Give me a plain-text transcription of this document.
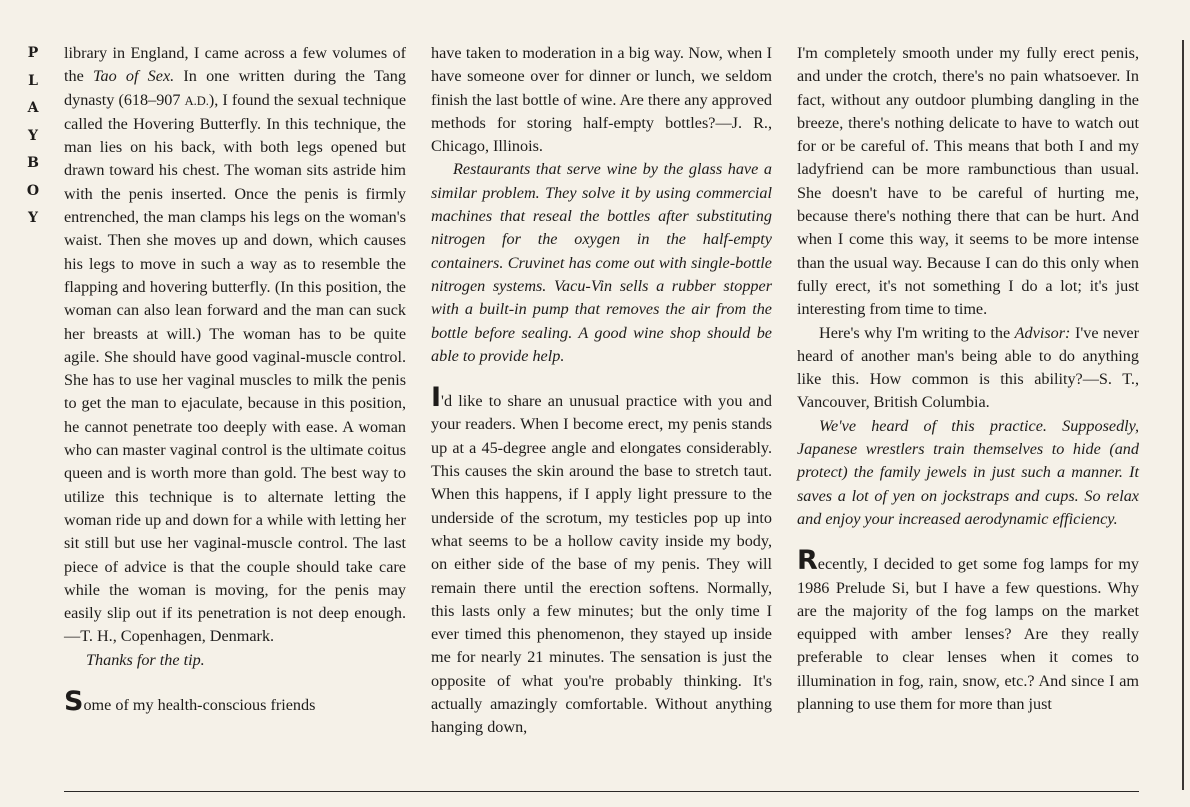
P
L
A
Y
B
O
Y

library in England, I came across a few volumes of the Tao of Sex. In one written during the Tang dynasty (618–907 A.D.), I found the sexual technique called the Hovering Butterfly. In this technique, the man lies on his back, with both legs opened but drawn toward his chest. The woman sits astride him with the penis inserted. Once the penis is firmly entrenched, the man clamps his legs on the woman's waist. Then she moves up and down, which causes his legs to move in such a way as to resemble the flapping and hovering butterfly. (In this position, the woman can also lean forward and the man can suck her breasts at will.) The woman has to be quite agile. She should have good vaginal-muscle control. She has to use her vaginal muscles to milk the penis to get the man to ejaculate, because in this position, he cannot penetrate too deeply with ease. A woman who can master vaginal control is the ultimate coitus queen and is worth more than gold. The best way to utilize this technique is to alternate letting the woman ride up and down for a while with letting her sit still but use her vaginal-muscle control. The last piece of advice is that the couple should take care while the woman is moving, for the penis may easily slip out if its penetration is not deep enough.—T. H., Copenhagen, Denmark.

Thanks for the tip.

Some of my health-conscious friends

have taken to moderation in a big way. Now, when I have someone over for dinner or lunch, we seldom finish the last bottle of wine. Are there any approved methods for storing half-empty bottles?—J. R., Chicago, Illinois.

Restaurants that serve wine by the glass have a similar problem. They solve it by using commercial machines that reseal the bottles after substituting nitrogen for the oxygen in the half-empty containers. Cruvinet has come out with single-bottle nitrogen systems. Vacu-Vin sells a rubber stopper with a built-in pump that removes the air from the bottle before sealing. A good wine shop should be able to provide help.

I'd like to share an unusual practice with you and your readers. When I become erect, my penis stands up at a 45-degree angle and elongates considerably. This causes the skin around the base to stretch taut. When this happens, if I apply light pressure to the underside of the scrotum, my testicles pop up into what seems to be a hollow cavity inside my body, on either side of the base of my penis. They will remain there until the erection softens. Normally, this lasts only a few minutes; but the only time I ever timed this phenomenon, they stayed up inside me for nearly 21 minutes. The sensation is just the opposite of what you're probably thinking. It's actually amazingly comfortable. Without anything hanging down,

I'm completely smooth under my fully erect penis, and under the crotch, there's no pain whatsoever. In fact, without any outdoor plumbing dangling in the breeze, there's nothing delicate to have to watch out for or be careful of. This means that both I and my ladyfriend can be more rambunctious than usual. She doesn't have to be careful of hurting me, because there's nothing there that can be hurt. And when I come this way, it seems to be more intense than the usual way. Because I can do this only when fully erect, it's not something I do a lot; it's just interesting from time to time.

Here's why I'm writing to the Advisor: I've never heard of another man's being able to do anything like this. How common is this ability?—S. T., Vancouver, British Columbia.

We've heard of this practice. Supposedly, Japanese wrestlers train themselves to hide (and protect) the family jewels in just such a manner. It saves a lot of yen on jockstraps and cups. So relax and enjoy your increased aerodynamic efficiency.

Recently, I decided to get some fog lamps for my 1986 Prelude Si, but I have a few questions. Why are the majority of the fog lamps on the market equipped with amber lenses? Are they really preferable to clear lenses when it comes to illumination in fog, rain, snow, etc.? And since I am planning to use them for more than just
